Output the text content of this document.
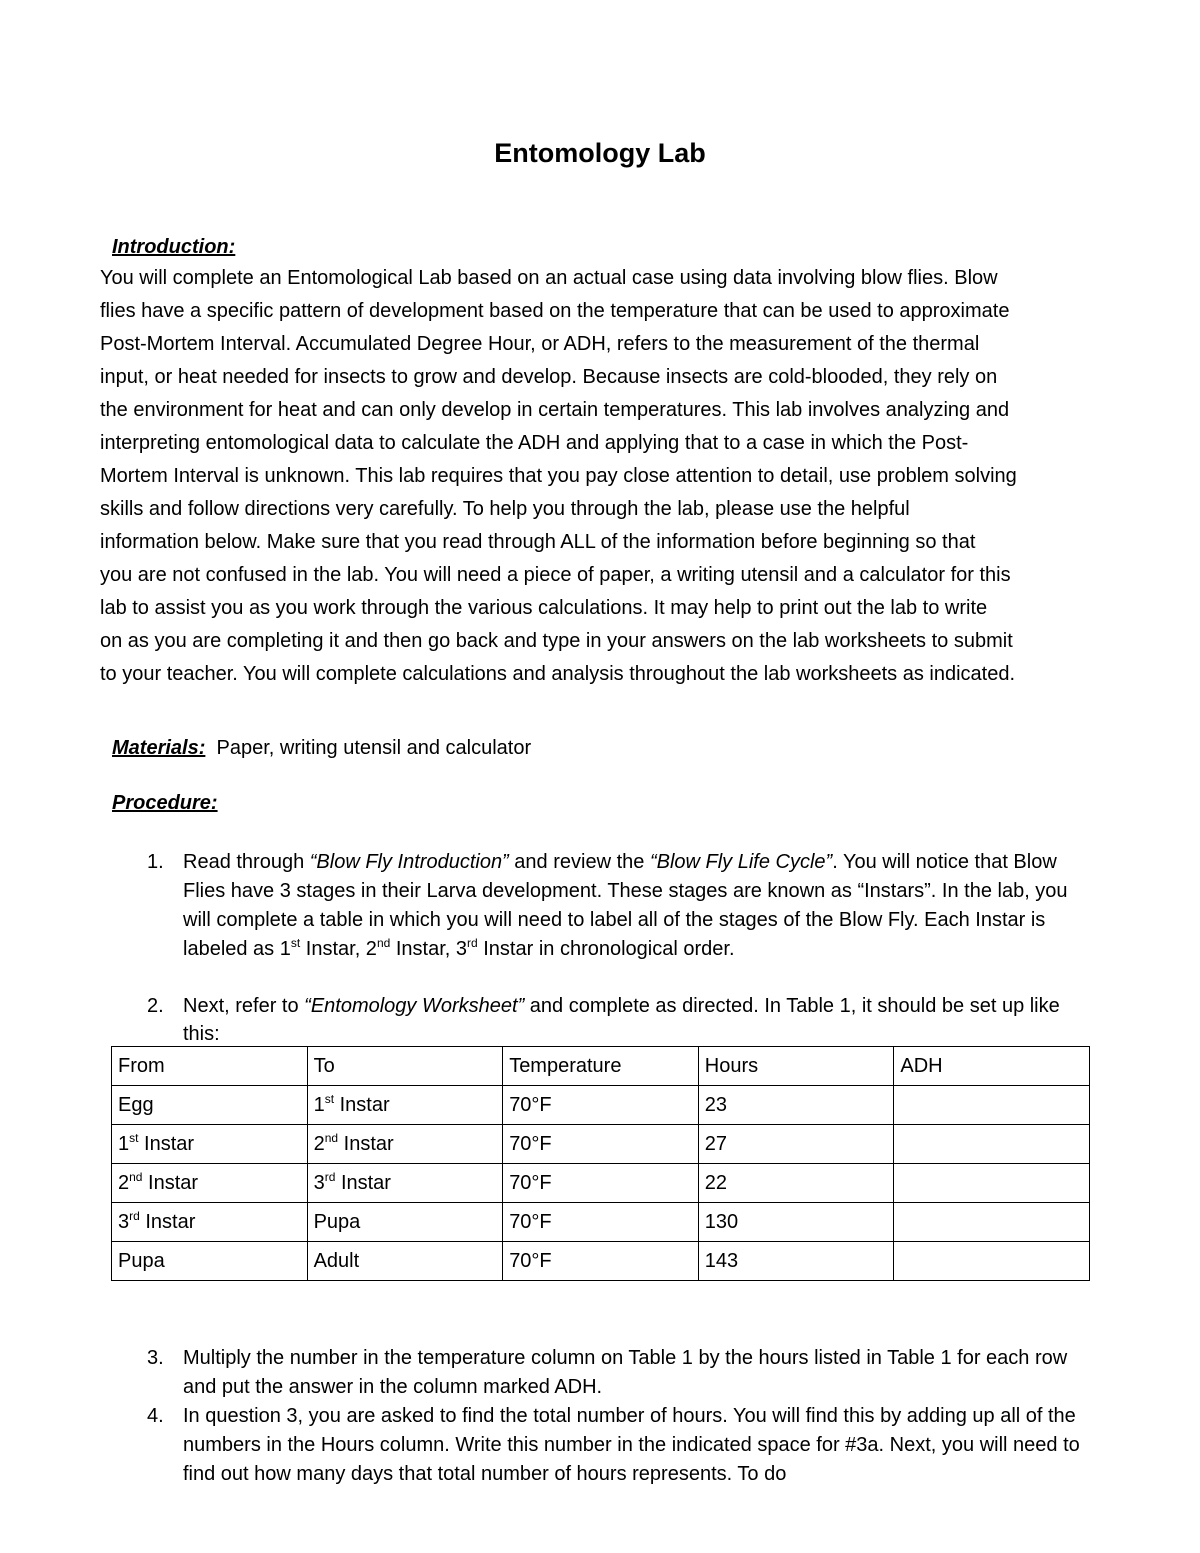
Entomology Lab
Introduction:
You will complete an Entomological Lab based on an actual case using data involving blow flies. Blow
flies have a specific pattern of development based on the temperature that can be used to approximate
Post-Mortem Interval. Accumulated Degree Hour, or ADH, refers to the measurement of the thermal
input, or heat needed for insects to grow and develop. Because insects are cold-blooded, they rely on
the environment for heat and can only develop in certain temperatures. This lab involves analyzing and
interpreting entomological data to calculate the ADH and applying that to a case in which the Post-
Mortem Interval is unknown. This lab requires that you pay close attention to detail, use problem solving
skills and follow directions very carefully. To help you through the lab, please use the helpful
information below. Make sure that you read through ALL of the information before beginning so that
you are not confused in the lab. You will need a piece of paper, a writing utensil and a calculator for this
lab to assist you as you work through the various calculations. It may help to print out the lab to write
on as you are completing it and then go back and type in your answers on the lab worksheets to submit
to your teacher. You will complete calculations and analysis throughout the lab worksheets as indicated.
Materials: Paper, writing utensil and calculator
Procedure:
1. Read through “Blow Fly Introduction” and review the “Blow Fly Life Cycle”. You will notice that Blow Flies have 3 stages in their Larva development. These stages are known as “Instars”. In the lab, you will complete a table in which you will need to label all of the stages of the Blow Fly. Each Instar is labeled as 1st Instar, 2nd Instar, 3rd Instar in chronological order.
2. Next, refer to “Entomology Worksheet” and complete as directed. In Table 1, it should be set up like this:
From	To	Temperature	Hours	ADH
Egg	1st Instar	70°F	23	
1st Instar	2nd Instar	70°F	27	
2nd Instar	3rd Instar	70°F	22	
3rd Instar	Pupa	70°F	130	
Pupa	Adult	70°F	143	
3. Multiply the number in the temperature column on Table 1 by the hours listed in Table 1 for each row and put the answer in the column marked ADH.
4. In question 3, you are asked to find the total number of hours. You will find this by adding up all of the numbers in the Hours column. Write this number in the indicated space for #3a. Next, you will need to find out how many days that total number of hours represents. To do
